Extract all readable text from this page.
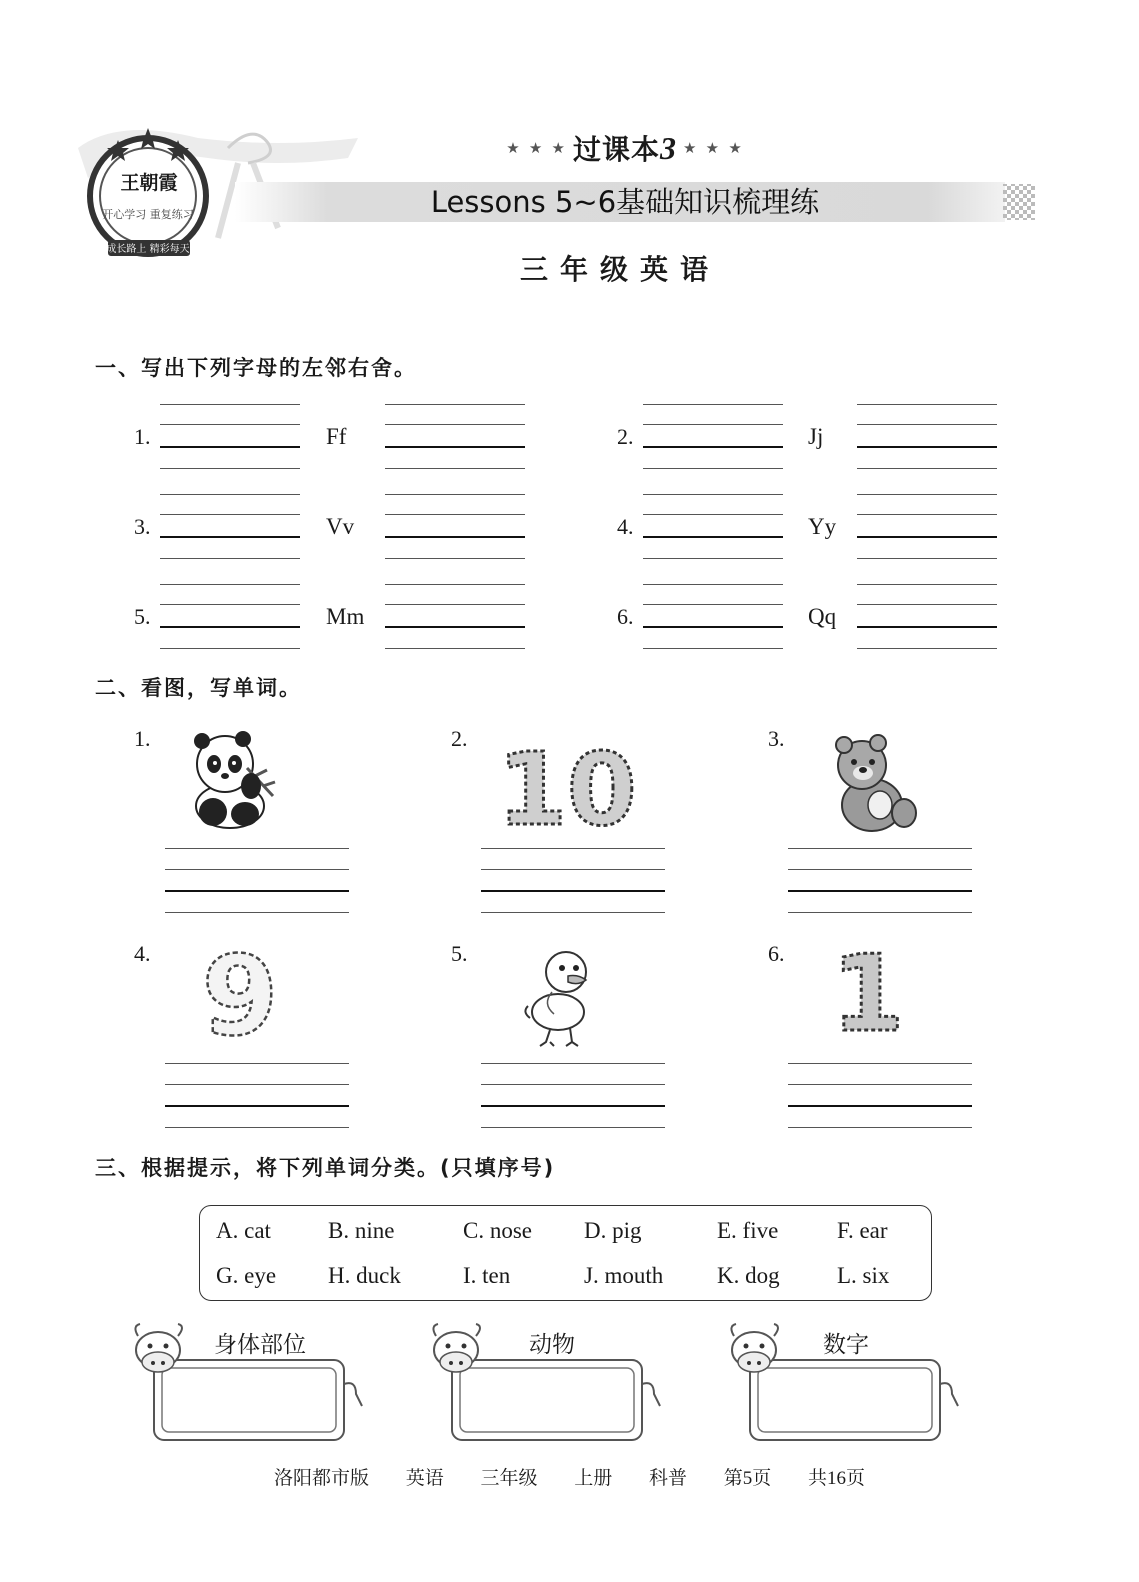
成长路上 精彩每天
开心学习 重复练习
王朝霞
★ ★ ★ 过课本 3 ★ ★ ★
Lessons 5~6基础知识梳理练
三年级英语
一、写出下列字母的左邻右舍。
1.	Ff	2.	Jj
3.	Vv	4.	Yy
5.	Mm	6.	Qq
二、看图，写单词。
1.	2. 10	3.
4. 9	5.	6. 1
三、根据提示，将下列单词分类。(只填序号)
A. cat B. nine	C. nose D. pig	E. five	F. ear
G. eye H. duck	I. ten	J. mouth K. dog L. six
身体部位	动物	数字
洛阳都市版 英语 三年级 上册 科普 第5页 共16页
